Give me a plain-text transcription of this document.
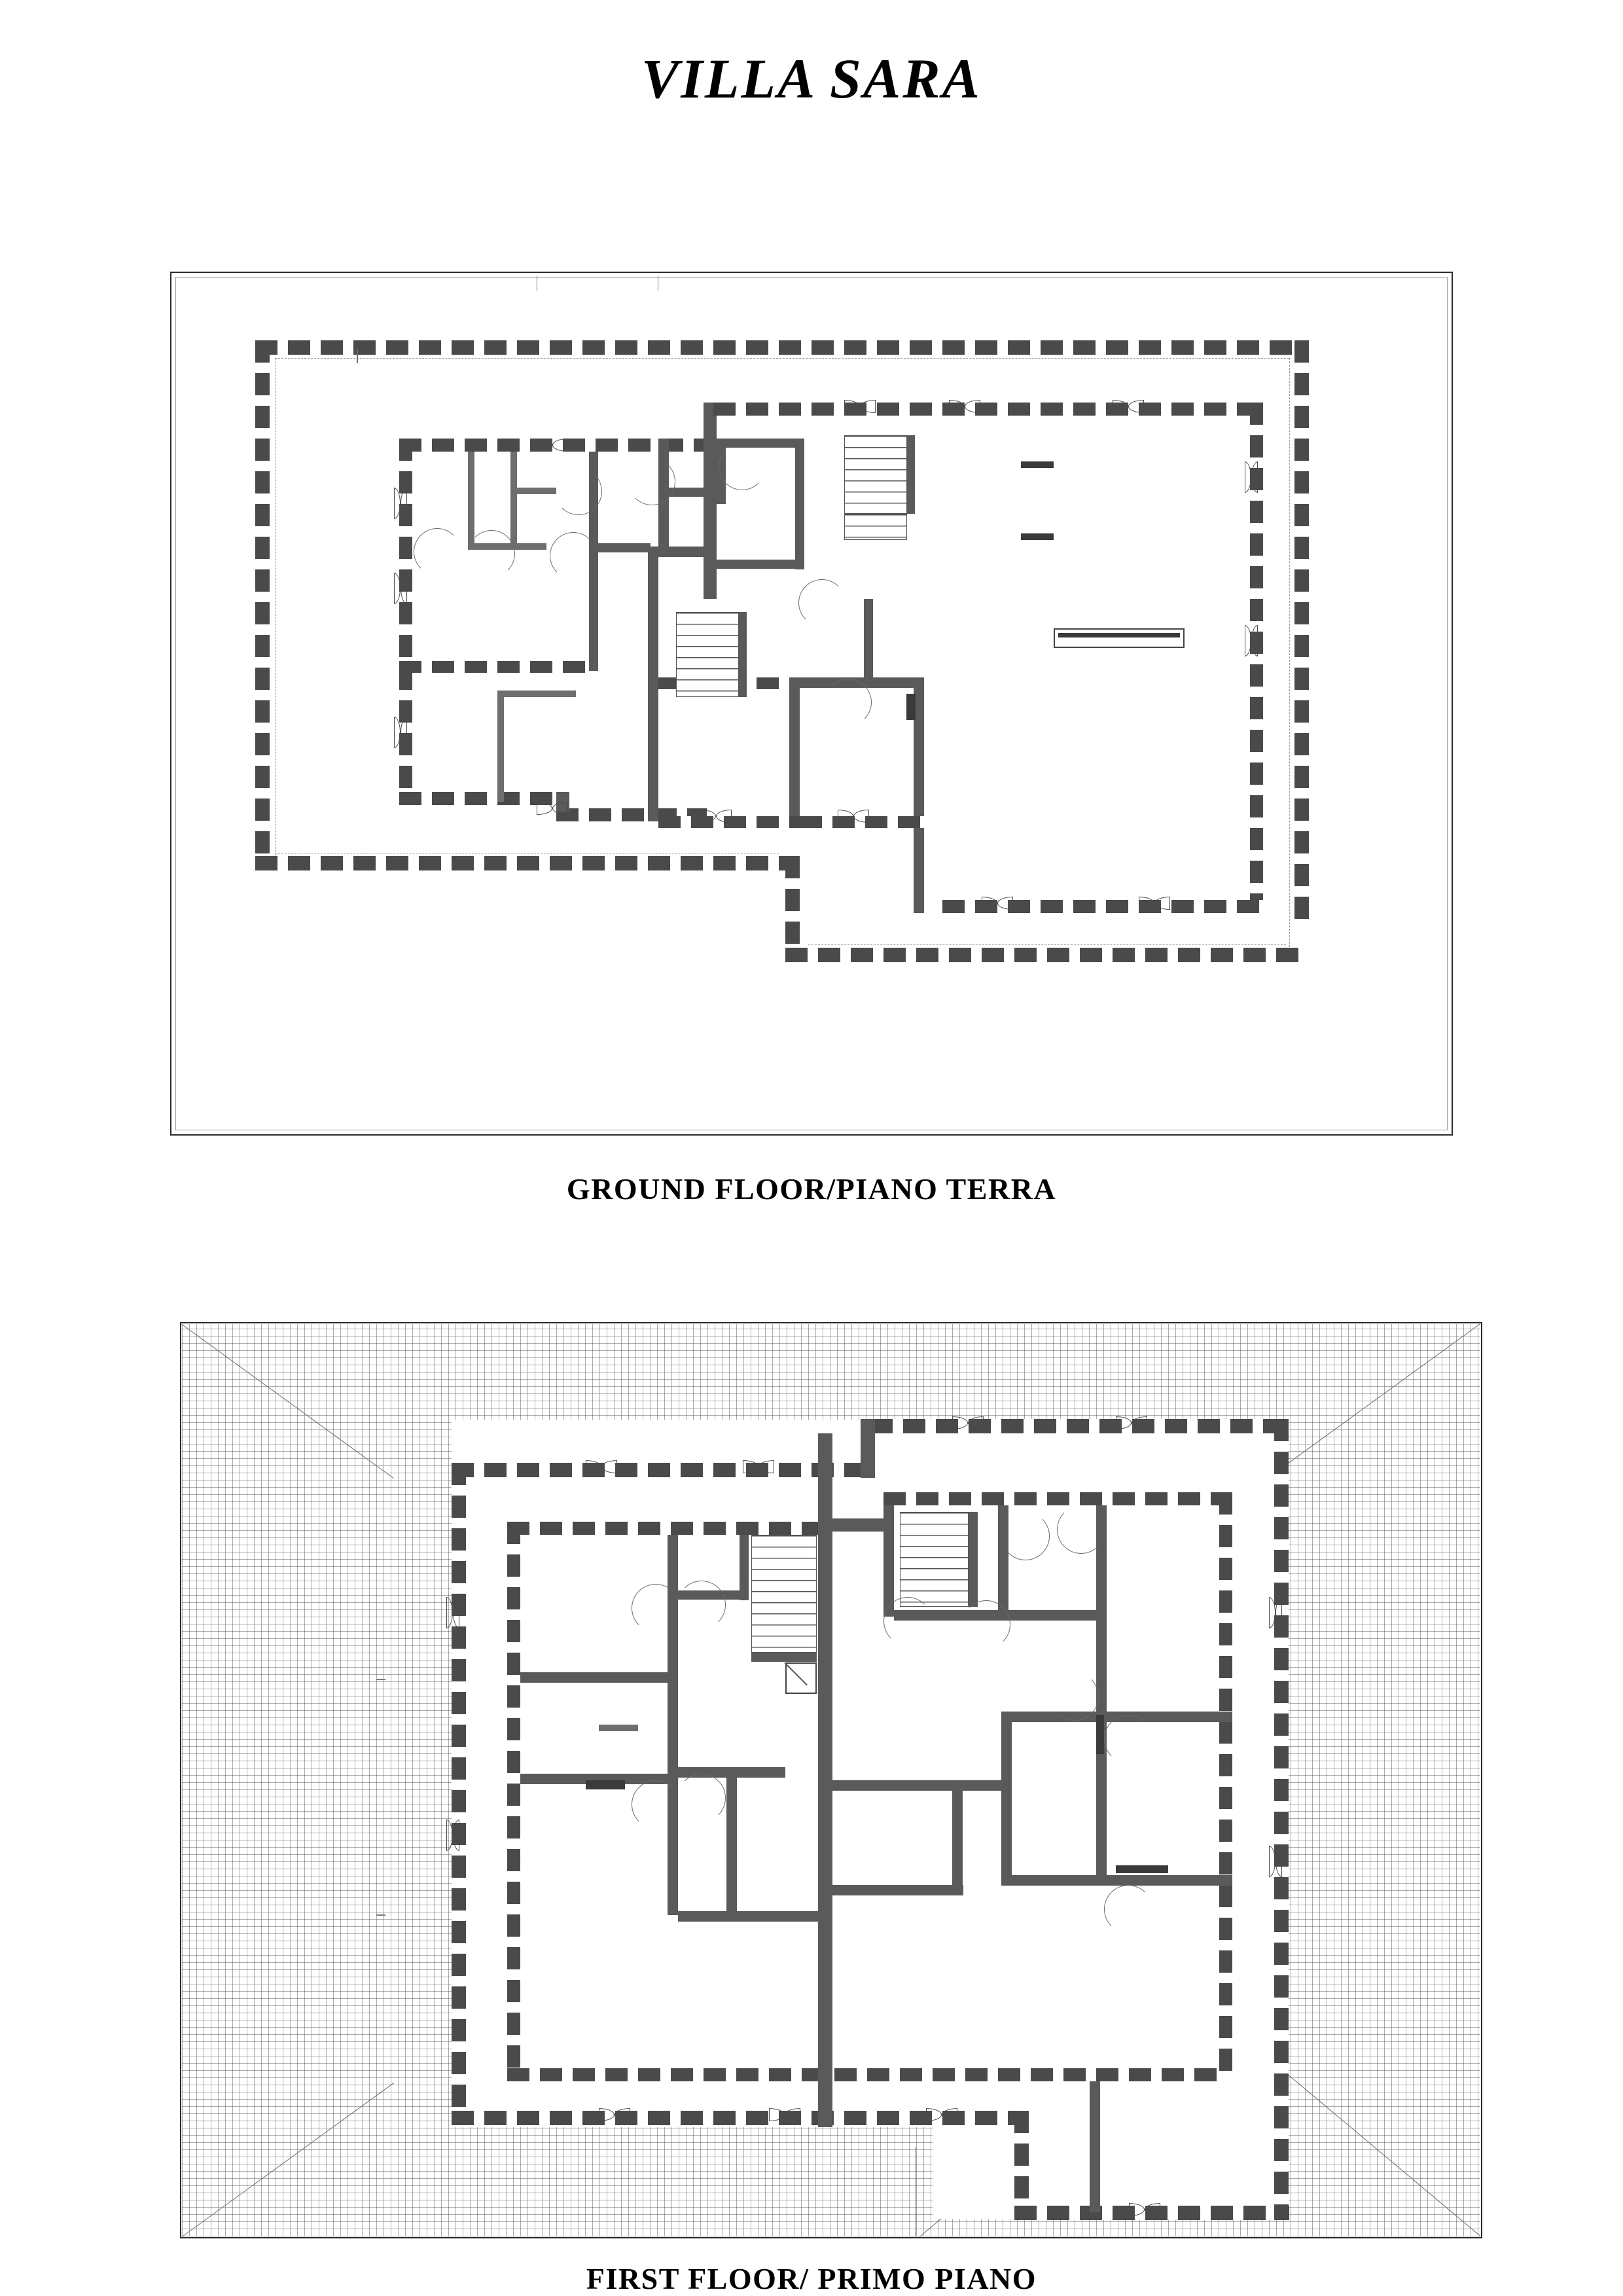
VILLA SARA
GROUND FLOOR/PIANO TERRA
FIRST FLOOR/ PRIMO PIANO
